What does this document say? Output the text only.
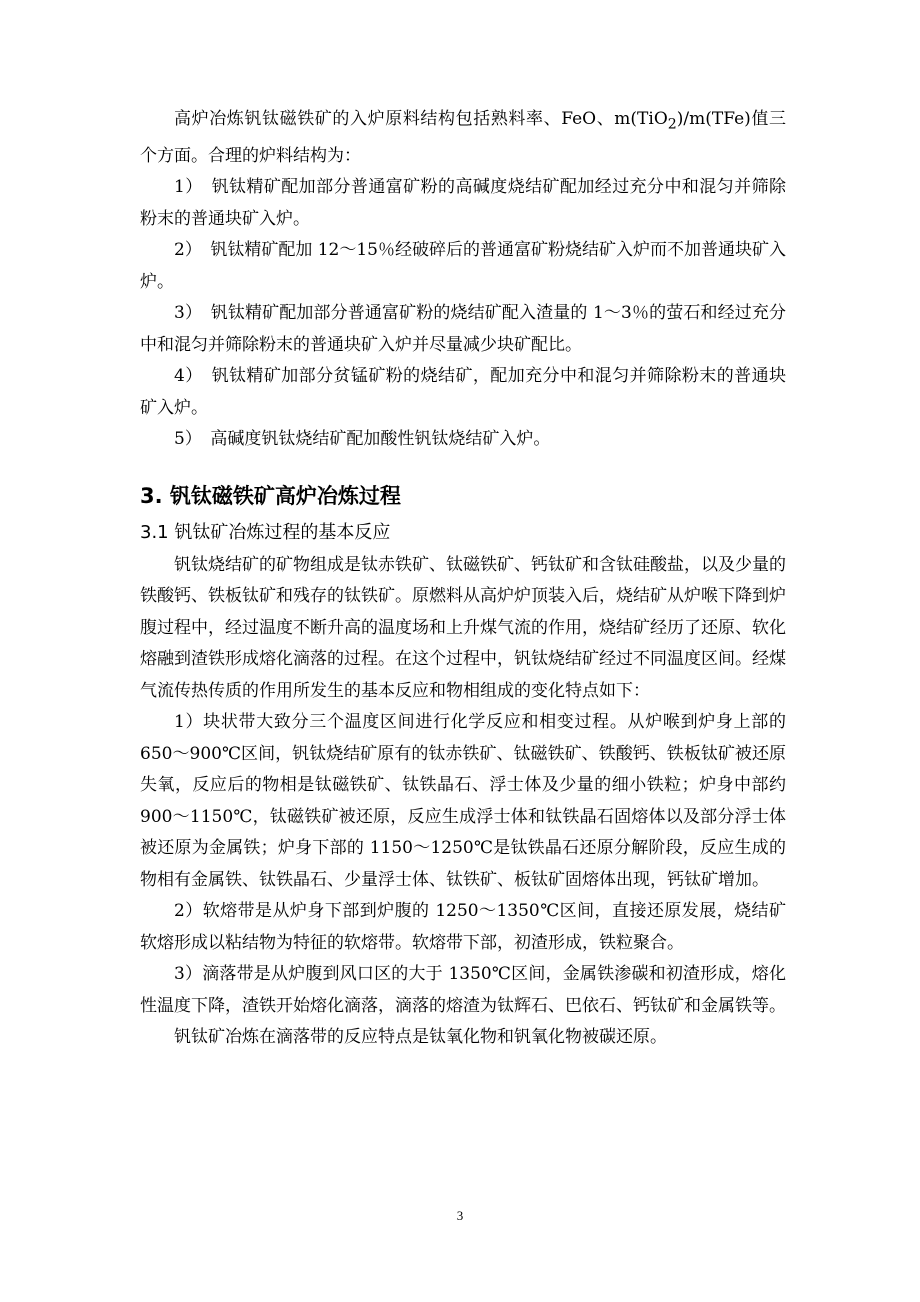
高炉冶炼钒钛磁铁矿的入炉原料结构包括熟料率、FeO、m(TiO$_2$)/m(TFe)值三个方面。合理的炉料结构为：

1）　钒钛精矿配加部分普通富矿粉的高碱度烧结矿配加经过充分中和混匀并筛除粉末的普通块矿入炉。

2）　钒钛精矿配加 12～15％经破碎后的普通富矿粉烧结矿入炉而不加普通块矿入炉。

3）　钒钛精矿配加部分普通富矿粉的烧结矿配入渣量的 1～3％的萤石和经过充分中和混匀并筛除粉末的普通块矿入炉并尽量减少块矿配比。

4）　钒钛精矿加部分贫锰矿粉的烧结矿，配加充分中和混匀并筛除粉末的普通块矿入炉。

5）　高碱度钒钛烧结矿配加酸性钒钛烧结矿入炉。

3. 钒钛磁铁矿高炉冶炼过程
3.1 钒钛矿冶炼过程的基本反应

钒钛烧结矿的矿物组成是钛赤铁矿、钛磁铁矿、钙钛矿和含钛硅酸盐，以及少量的铁酸钙、铁板钛矿和残存的钛铁矿。原燃料从高炉炉顶装入后，烧结矿从炉喉下降到炉腹过程中，经过温度不断升高的温度场和上升煤气流的作用，烧结矿经历了还原、软化熔融到渣铁形成熔化滴落的过程。在这个过程中，钒钛烧结矿经过不同温度区间。经煤气流传热传质的作用所发生的基本反应和物相组成的变化特点如下：

1）块状带大致分三个温度区间进行化学反应和相变过程。从炉喉到炉身上部的 650～900℃区间，钒钛烧结矿原有的钛赤铁矿、钛磁铁矿、铁酸钙、铁板钛矿被还原失氧，反应后的物相是钛磁铁矿、钛铁晶石、浮士体及少量的细小铁粒；炉身中部约 900～1150℃，钛磁铁矿被还原，反应生成浮士体和钛铁晶石固熔体以及部分浮士体被还原为金属铁；炉身下部的 1150～1250℃是钛铁晶石还原分解阶段，反应生成的物相有金属铁、钛铁晶石、少量浮士体、钛铁矿、板钛矿固熔体出现，钙钛矿增加。

2）软熔带是从炉身下部到炉腹的 1250～1350℃区间，直接还原发展，烧结矿软熔形成以粘结物为特征的软熔带。软熔带下部，初渣形成，铁粒聚合。

3）滴落带是从炉腹到风口区的大于 1350℃区间，金属铁渗碳和初渣形成，熔化性温度下降，渣铁开始熔化滴落，滴落的熔渣为钛辉石、巴依石、钙钛矿和金属铁等。

钒钛矿冶炼在滴落带的反应特点是钛氧化物和钒氧化物被碳还原。

3
